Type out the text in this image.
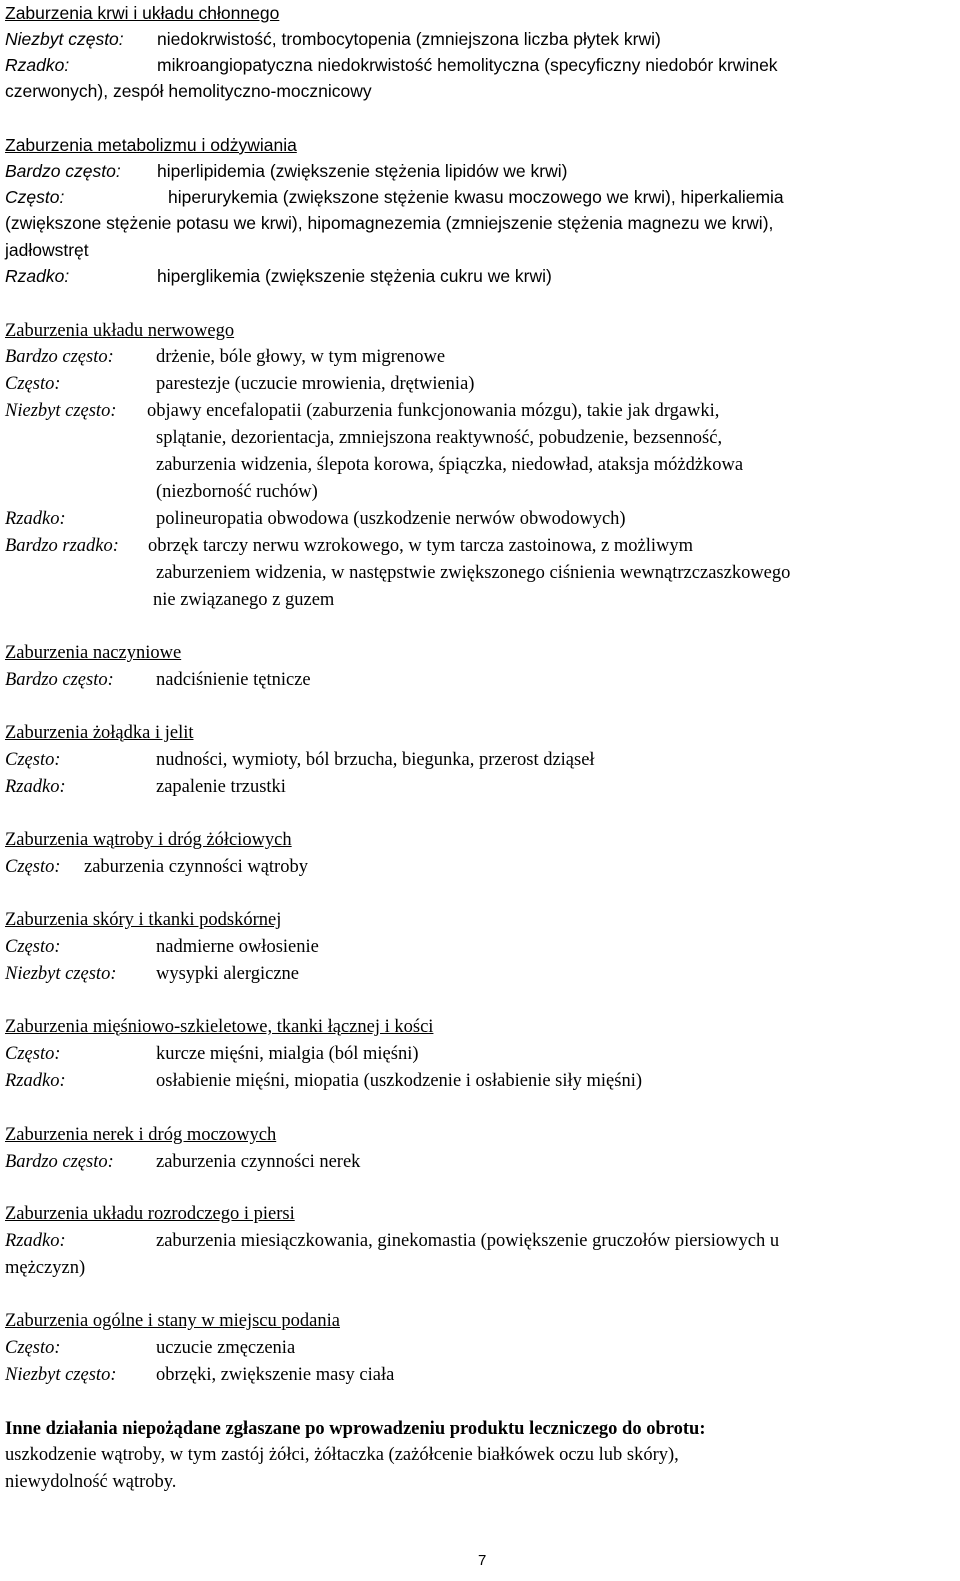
Zaburzenia krwi i układu chłonnego
Niezbyt często: niedokrwistość, trombocytopenia (zmniejszona liczba płytek krwi)
Rzadko:	mikroangiopatyczna niedokrwistość hemolityczna (specyficzny niedobór krwinek
czerwonych), zespół hemolityczno-mocznicowy
Zaburzenia metabolizmu i odżywiania
Bardzo często: hiperlipidemia (zwiększenie stężenia lipidów we krwi)
Często:	hiperurykemia (zwiększone stężenie kwasu moczowego we krwi), hiperkaliemia
(zwiększone stężenie potasu we krwi), hipomagnezemia (zmniejszenie stężenia magnezu we krwi),
jadłowstręt
Rzadko:	hiperglikemia (zwiększenie stężenia cukru we krwi)
Zaburzenia układu nerwowego
Bardzo często: drżenie, bóle głowy, w tym migrenowe
Często:	parestezje (uczucie mrowienia, drętwienia)
Niezbyt często: objawy encefalopatii (zaburzenia funkcjonowania mózgu), takie jak drgawki,
splątanie, dezorientacja, zmniejszona reaktywność, pobudzenie, bezsenność,
zaburzenia widzenia, ślepota korowa, śpiączka, niedowład, ataksja móżdżkowa
(niezborność ruchów)
Rzadko:	polineuropatia obwodowa (uszkodzenie nerwów obwodowych)
Bardzo rzadko: obrzęk tarczy nerwu wzrokowego, w tym tarcza zastoinowa, z możliwym
zaburzeniem widzenia, w następstwie zwiększonego ciśnienia wewnątrzczaszkowego
nie związanego z guzem
Zaburzenia naczyniowe
Bardzo często: nadciśnienie tętnicze
Zaburzenia żołądka i jelit
Często:	nudności, wymioty, ból brzucha, biegunka, przerost dziąseł
Rzadko:	zapalenie trzustki
Zaburzenia wątroby i dróg żółciowych
Często: zaburzenia czynności wątroby
Zaburzenia skóry i tkanki podskórnej
Często:	nadmierne owłosienie
Niezbyt często: wysypki alergiczne
Zaburzenia mięśniowo-szkieletowe, tkanki łącznej i kości
Często:	kurcze mięśni, mialgia (ból mięśni)
Rzadko:	osłabienie mięśni, miopatia (uszkodzenie i osłabienie siły mięśni)
Zaburzenia nerek i dróg moczowych
Bardzo często: zaburzenia czynności nerek
Zaburzenia układu rozrodczego i piersi
Rzadko:	zaburzenia miesiączkowania, ginekomastia (powiększenie gruczołów piersiowych u
mężczyzn)
Zaburzenia ogólne i stany w miejscu podania
Często:	uczucie zmęczenia
Niezbyt często: obrzęki, zwiększenie masy ciała
Inne działania niepożądane zgłaszane po wprowadzeniu produktu leczniczego do obrotu:
uszkodzenie wątroby, w tym zastój żółci, żółtaczka (zażółcenie białkówek oczu lub skóry),
niewydolność wątroby.
7
